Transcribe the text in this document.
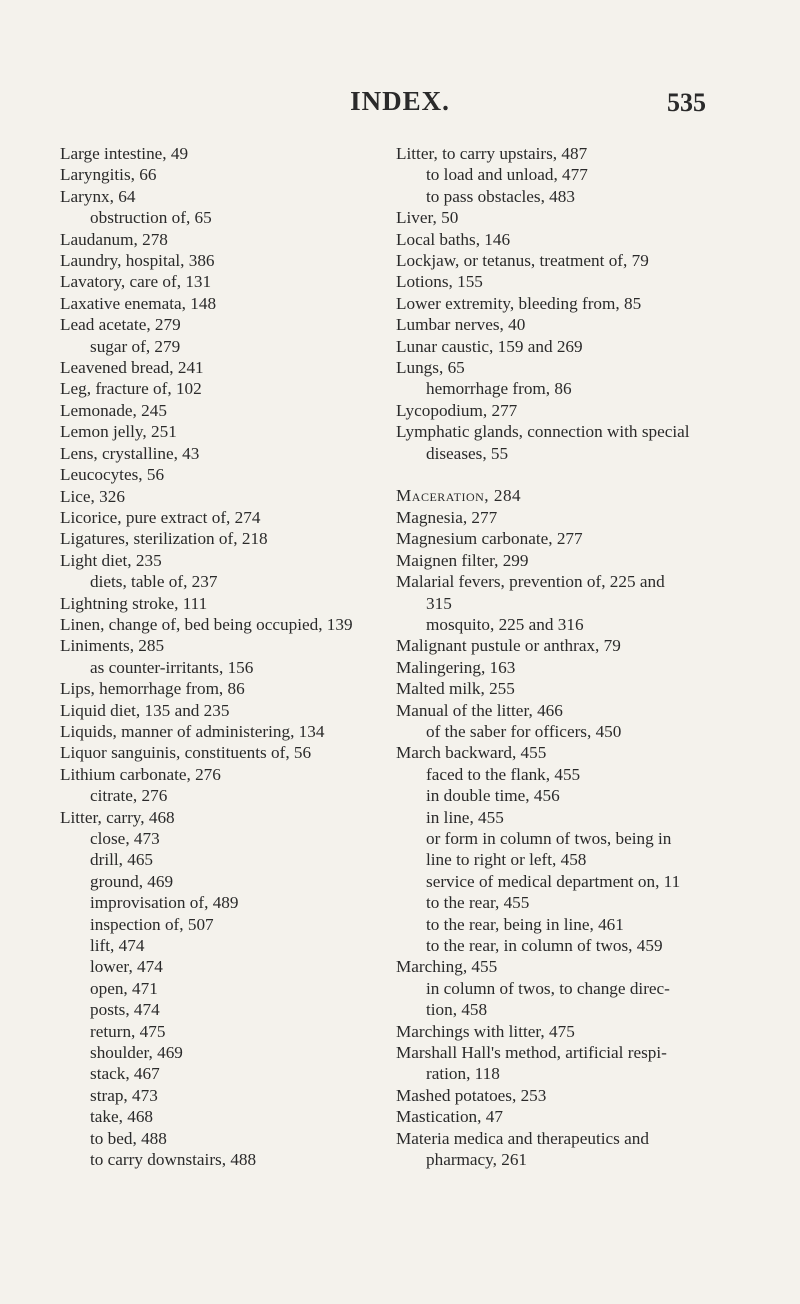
INDEX.	535
Large intestine, 49
Laryngitis, 66
Larynx, 64
obstruction of, 65
Laudanum, 278
Laundry, hospital, 386
Lavatory, care of, 131
Laxative enemata, 148
Lead acetate, 279
sugar of, 279
Leavened bread, 241
Leg, fracture of, 102
Lemonade, 245
Lemon jelly, 251
Lens, crystalline, 43
Leucocytes, 56
Lice, 326
Licorice, pure extract of, 274
Ligatures, sterilization of, 218
Light diet, 235
diets, table of, 237
Lightning stroke, 111
Linen, change of, bed being occupied, 139
Liniments, 285
as counter-irritants, 156
Lips, hemorrhage from, 86
Liquid diet, 135 and 235
Liquids, manner of administering, 134
Liquor sanguinis, constituents of, 56
Lithium carbonate, 276
citrate, 276
Litter, carry, 468
close, 473
drill, 465
ground, 469
improvisation of, 489
inspection of, 507
lift, 474
lower, 474
open, 471
posts, 474
return, 475
shoulder, 469
stack, 467
strap, 473
take, 468
to bed, 488
to carry downstairs, 488
Litter, to carry upstairs, 487
to load and unload, 477
to pass obstacles, 483
Liver, 50
Local baths, 146
Lockjaw, or tetanus, treatment of, 79
Lotions, 155
Lower extremity, bleeding from, 85
Lumbar nerves, 40
Lunar caustic, 159 and 269
Lungs, 65
hemorrhage from, 86
Lycopodium, 277
Lymphatic glands, connection with special
diseases, 55
Maceration, 284
Magnesia, 277
Magnesium carbonate, 277
Maignen filter, 299
Malarial fevers, prevention of, 225 and
315
mosquito, 225 and 316
Malignant pustule or anthrax, 79
Malingering, 163
Malted milk, 255
Manual of the litter, 466
of the saber for officers, 450
March backward, 455
faced to the flank, 455
in double time, 456
in line, 455
or form in column of twos, being in
line to right or left, 458
service of medical department on, 11
to the rear, 455
to the rear, being in line, 461
to the rear, in column of twos, 459
Marching, 455
in column of twos, to change direc-
tion, 458
Marchings with litter, 475
Marshall Hall's method, artificial respi-
ration, 118
Mashed potatoes, 253
Mastication, 47
Materia medica and therapeutics and
pharmacy, 261
